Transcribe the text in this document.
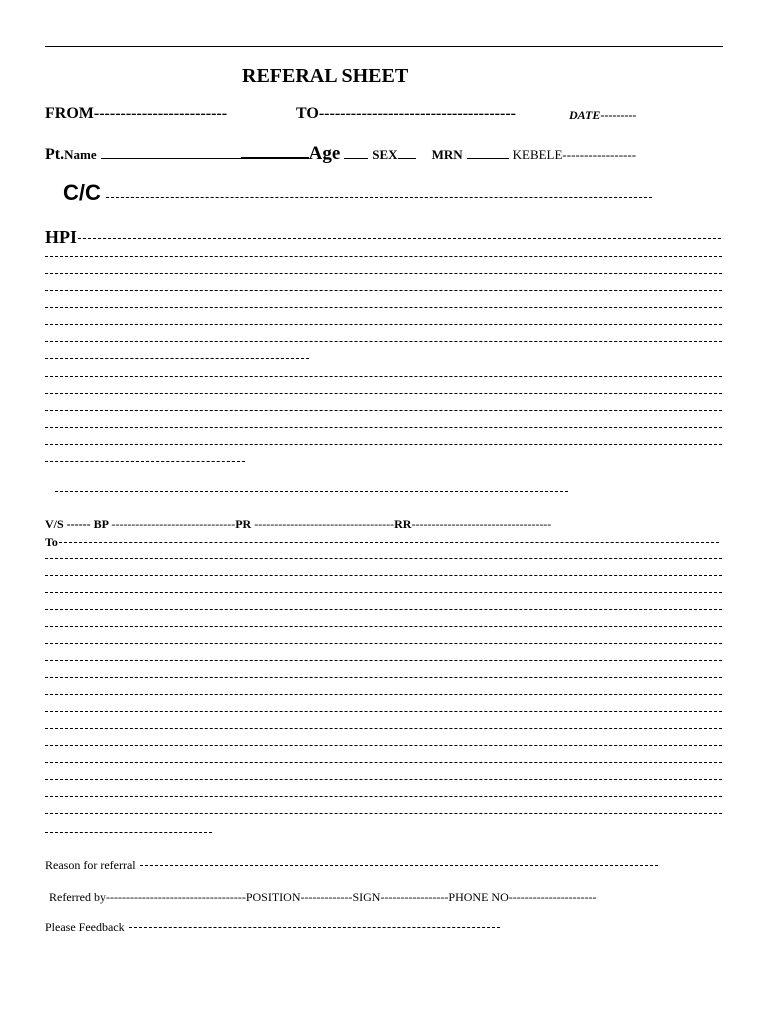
REFERAL SHEET
FROM-------------------------	TO-------------------------------------	DATE---------
Pt.Name	Age SEX	MRN	KEBELE-----------------
C/C
HPI
V/S ------ BP -------------------------------PR -----------------------------------RR-----------------------------------
To
Reason for referral
Referred by-----------------------------------POSITION-------------SIGN-----------------PHONE NO----------------------
Please Feedback
